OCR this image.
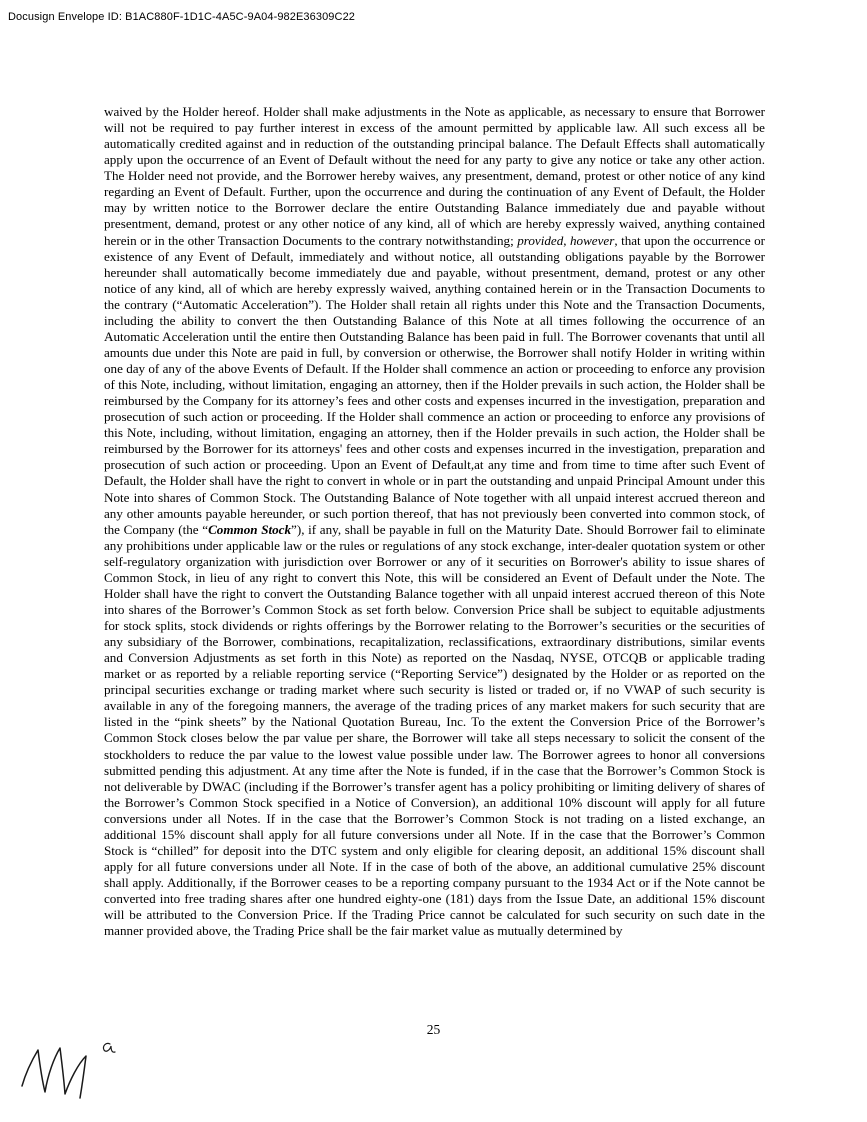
Docusign Envelope ID: B1AC880F-1D1C-4A5C-9A04-982E36309C22

waived by the Holder hereof. Holder shall make adjustments in the Note as applicable, as necessary to ensure that Borrower will not be required to pay further interest in excess of the amount permitted by applicable law. All such excess all be automatically credited against and in reduction of the outstanding principal balance. The Default Effects shall automatically apply upon the occurrence of an Event of Default without the need for any party to give any notice or take any other action. The Holder need not provide, and the Borrower hereby waives, any presentment, demand, protest or other notice of any kind regarding an Event of Default. Further, upon the occurrence and during the continuation of any Event of Default, the Holder may by written notice to the Borrower declare the entire Outstanding Balance immediately due and payable without presentment, demand, protest or any other notice of any kind, all of which are hereby expressly waived, anything contained herein or in the other Transaction Documents to the contrary notwithstanding; provided, however, that upon the occurrence or existence of any Event of Default, immediately and without notice, all outstanding obligations payable by the Borrower hereunder shall automatically become immediately due and payable, without presentment, demand, protest or any other notice of any kind, all of which are hereby expressly waived, anything contained herein or in the Transaction Documents to the contrary (“Automatic Acceleration”). The Holder shall retain all rights under this Note and the Transaction Documents, including the ability to convert the then Outstanding Balance of this Note at all times following the occurrence of an Automatic Acceleration until the entire then Outstanding Balance has been paid in full. The Borrower covenants that until all amounts due under this Note are paid in full, by conversion or otherwise, the Borrower shall notify Holder in writing within one day of any of the above Events of Default. If the Holder shall commence an action or proceeding to enforce any provision of this Note, including, without limitation, engaging an attorney, then if the Holder prevails in such action, the Holder shall be reimbursed by the Company for its attorney’s fees and other costs and expenses incurred in the investigation, preparation and prosecution of such action or proceeding. If the Holder shall commence an action or proceeding to enforce any provisions of this Note, including, without limitation, engaging an attorney, then if the Holder prevails in such action, the Holder shall be reimbursed by the Borrower for its attorneys' fees and other costs and expenses incurred in the investigation, preparation and prosecution of such action or proceeding. Upon an Event of Default,at any time and from time to time after such Event of Default, the Holder shall have the right to convert in whole or in part the outstanding and unpaid Principal Amount under this Note into shares of Common Stock. The Outstanding Balance of Note together with all unpaid interest accrued thereon and any other amounts payable hereunder, or such portion thereof, that has not previously been converted into common stock, of the Company (the “Common Stock”), if any, shall be payable in full on the Maturity Date. Should Borrower fail to eliminate any prohibitions under applicable law or the rules or regulations of any stock exchange, inter-dealer quotation system or other self-regulatory organization with jurisdiction over Borrower or any of it securities on Borrower's ability to issue shares of Common Stock, in lieu of any right to convert this Note, this will be considered an Event of Default under the Note. The Holder shall have the right to convert the Outstanding Balance together with all unpaid interest accrued thereon of this Note into shares of the Borrower’s Common Stock as set forth below. Conversion Price shall be subject to equitable adjustments for stock splits, stock dividends or rights offerings by the Borrower relating to the Borrower’s securities or the securities of any subsidiary of the Borrower, combinations, recapitalization, reclassifications, extraordinary distributions, similar events and Conversion Adjustments as set forth in this Note) as reported on the Nasdaq, NYSE, OTCQB or applicable trading market or as reported by a reliable reporting service (“Reporting Service”) designated by the Holder or as reported on the principal securities exchange or trading market where such security is listed or traded or, if no VWAP of such security is available in any of the foregoing manners, the average of the trading prices of any market makers for such security that are listed in the “pink sheets” by the National Quotation Bureau, Inc. To the extent the Conversion Price of the Borrower’s Common Stock closes below the par value per share, the Borrower will take all steps necessary to solicit the consent of the stockholders to reduce the par value to the lowest value possible under law. The Borrower agrees to honor all conversions submitted pending this adjustment. At any time after the Note is funded, if in the case that the Borrower’s Common Stock is not deliverable by DWAC (including if the Borrower’s transfer agent has a policy prohibiting or limiting delivery of shares of the Borrower’s Common Stock specified in a Notice of Conversion), an additional 10% discount will apply for all future conversions under all Notes. If in the case that the Borrower’s Common Stock is not trading on a listed exchange, an additional 15% discount shall apply for all future conversions under all Note. If in the case that the Borrower’s Common Stock is “chilled” for deposit into the DTC system and only eligible for clearing deposit, an additional 15% discount shall apply for all future conversions under all Note. If in the case of both of the above, an additional cumulative 25% discount shall apply. Additionally, if the Borrower ceases to be a reporting company pursuant to the 1934 Act or if the Note cannot be converted into free trading shares after one hundred eighty-one (181) days from the Issue Date, an additional 15% discount will be attributed to the Conversion Price. If the Trading Price cannot be calculated for such security on such date in the manner provided above, the Trading Price shall be the fair market value as mutually determined by

25
